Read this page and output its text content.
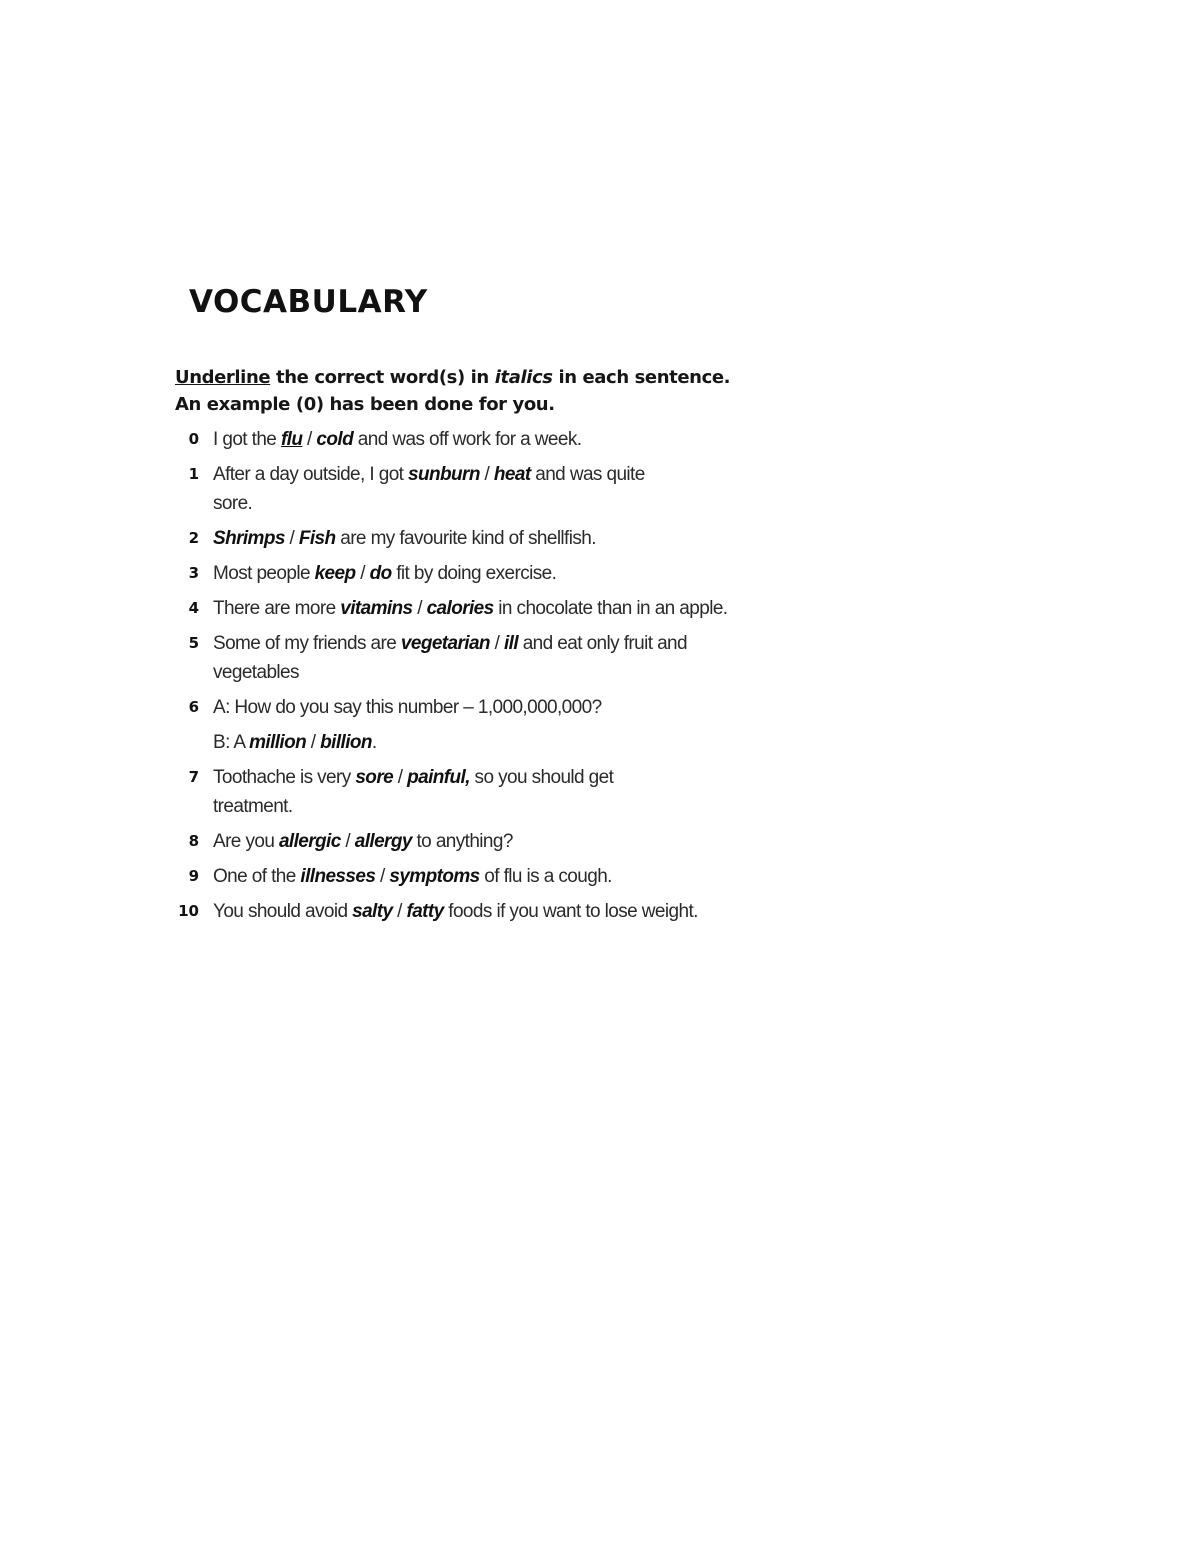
VOCABULARY
Underline the correct word(s) in italics in each sentence.
An example (0) has been done for you.
0 I got the flu / cold and was off work for a week.
1 After a day outside, I got sunburn / heat and was quite sore.
2 Shrimps / Fish are my favourite kind of shellfish.
3 Most people keep / do fit by doing exercise.
4 There are more vitamins / calories in chocolate than in an apple.
5 Some of my friends are vegetarian / ill and eat only fruit and vegetables
6 A: How do you say this number – 1,000,000,000?
B: A million / billion.
7 Toothache is very sore / painful, so you should get treatment.
8 Are you allergic / allergy to anything?
9 One of the illnesses / symptoms of flu is a cough.
10 You should avoid salty / fatty foods if you want to lose weight.
